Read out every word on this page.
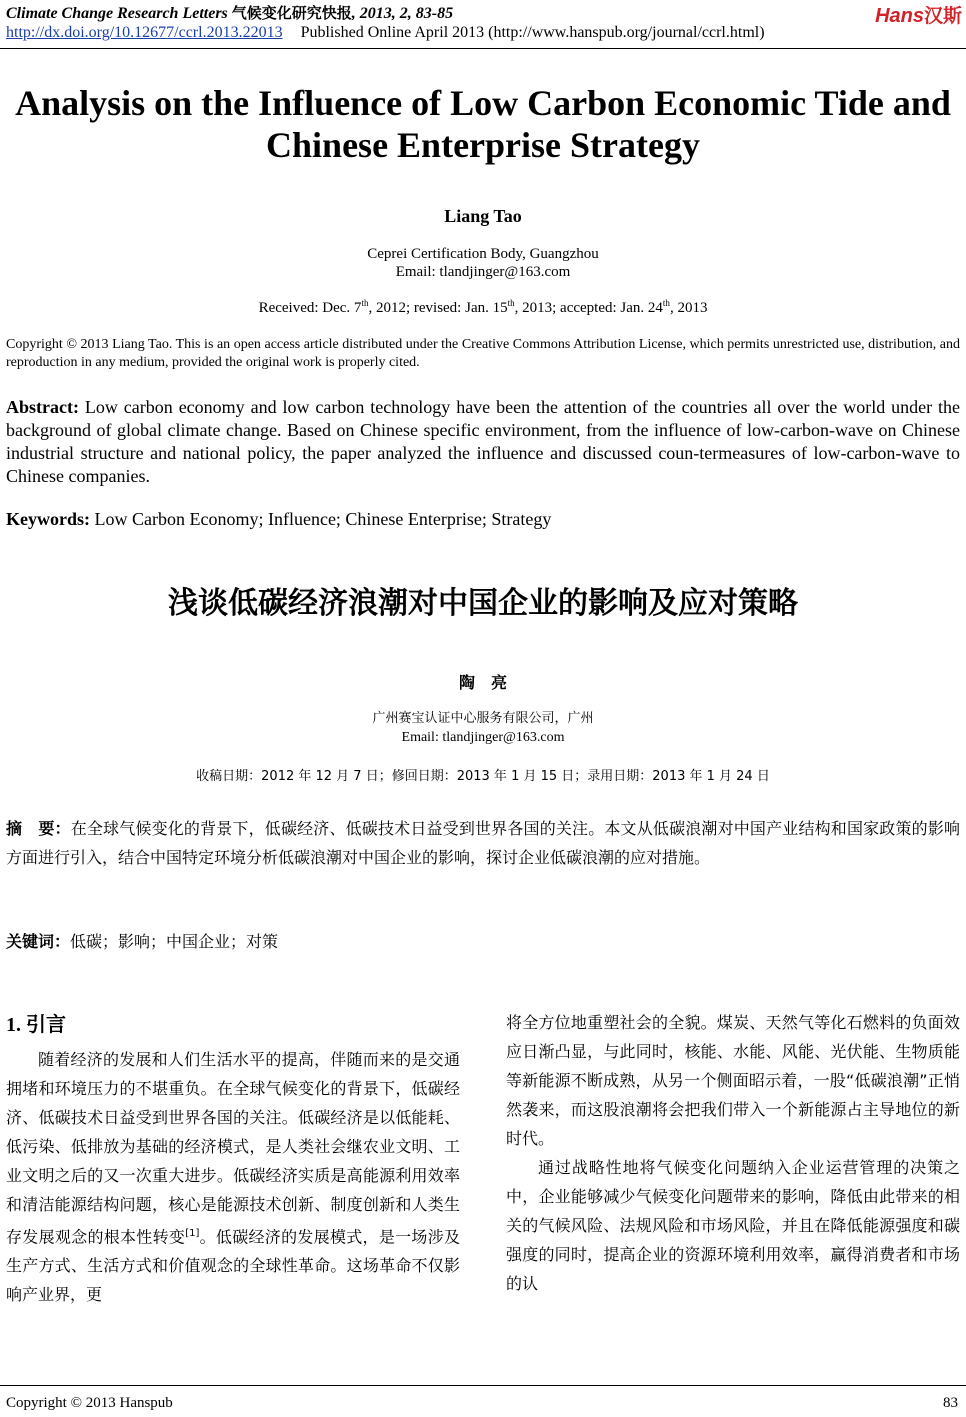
Climate Change Research Letters 气候变化研究快报, 2013, 2, 83-85	Hans汉斯
http://dx.doi.org/10.12677/ccrl.2013.22013 Published Online April 2013 (http://www.hanspub.org/journal/ccrl.html)
Analysis on the Influence of Low Carbon Economic Tide and
Chinese Enterprise Strategy
Liang Tao
Ceprei Certification Body, Guangzhou
Email: tlandjinger@163.com
Received: Dec. 7th, 2012; revised: Jan. 15th, 2013; accepted: Jan. 24th, 2013
Copyright © 2013 Liang Tao. This is an open access article distributed under the Creative Commons Attribution License, which permits unrestricted use, distribution, and reproduction in any medium, provided the original work is properly cited.
Abstract: Low carbon economy and low carbon technology have been the attention of the countries all over the world under the background of global climate change. Based on Chinese specific environment, from the influence of low-carbon-wave on Chinese industrial structure and national policy, the paper analyzed the influence and discussed coun-termeasures of low-carbon-wave to Chinese companies.
Keywords: Low Carbon Economy; Influence; Chinese Enterprise; Strategy
浅谈低碳经济浪潮对中国企业的影响及应对策略
陶　亮
广州赛宝认证中心服务有限公司，广州
Email: tlandjinger@163.com
收稿日期：2012 年 12 月 7 日；修回日期：2013 年 1 月 15 日；录用日期：2013 年 1 月 24 日
摘　要：在全球气候变化的背景下，低碳经济、低碳技术日益受到世界各国的关注。本文从低碳浪潮对中国产业结构和国家政策的影响方面进行引入，结合中国特定环境分析低碳浪潮对中国企业的影响，探讨企业低碳浪潮的应对措施。
关键词：低碳；影响；中国企业；对策
1. 引言

随着经济的发展和人们生活水平的提高，伴随而来的是交通拥堵和环境压力的不堪重负。在全球气候变化的背景下，低碳经济、低碳技术日益受到世界各国的关注。低碳经济是以低能耗、低污染、低排放为基础的经济模式，是人类社会继农业文明、工业文明之后的又一次重大进步。低碳经济实质是高能源利用效率和清洁能源结构问题，核心是能源技术创新、制度创新和人类生存发展观念的根本性转变[1]。低碳经济的发展模式，是一场涉及生产方式、生活方式和价值观念的全球性革命。这场革命不仅影响产业界，更

将全方位地重塑社会的全貌。煤炭、天然气等化石燃料的负面效应日渐凸显，与此同时，核能、水能、风能、光伏能、生物质能等新能源不断成熟，从另一个侧面昭示着，一股“低碳浪潮”正悄然袭来，而这股浪潮将会把我们带入一个新能源占主导地位的新时代。

通过战略性地将气候变化问题纳入企业运营管理的决策之中，企业能够减少气候变化问题带来的影响，降低由此带来的相关的气候风险、法规风险和市场风险，并且在降低能源强度和碳强度的同时，提高企业的资源环境利用效率，赢得消费者和市场的认

Copyright © 2013 Hanspub	83
